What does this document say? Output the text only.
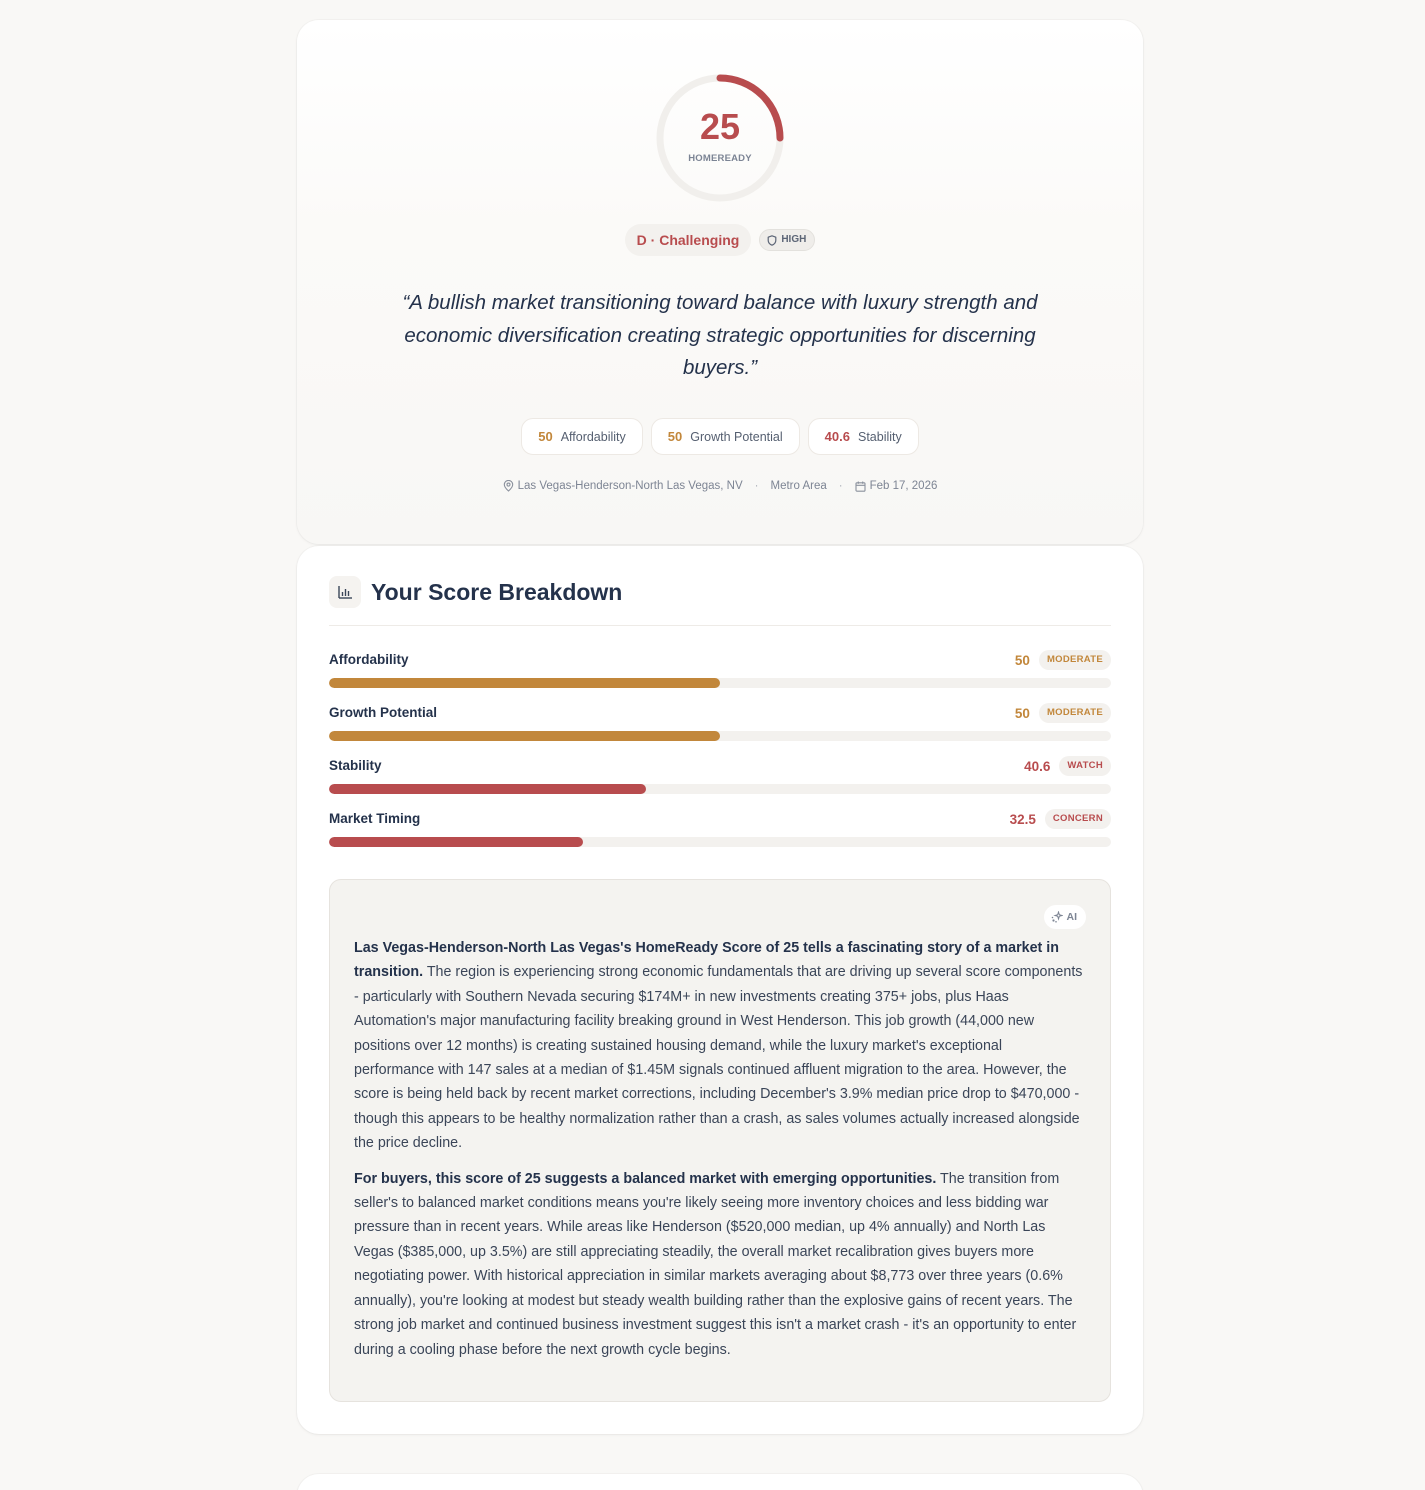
25
HOMEREADY
D · Challenging	HIGH

“A bullish market transitioning toward balance with luxury strength and economic diversification creating strategic opportunities for discerning buyers.”

50 Affordability	50 Growth Potential	40.6 Stability
Las Vegas-Henderson-North Las Vegas, NV · Metro Area · Feb 17, 2026
Your Score Breakdown
Affordability	50	MODERATE
Growth Potential	50	MODERATE
Stability	40.6	WATCH
Market Timing	32.5	CONCERN
AI

Las Vegas-Henderson-North Las Vegas's HomeReady Score of 25 tells a fascinating story of a market in transition. The region is experiencing strong economic fundamentals that are driving up several score components - particularly with Southern Nevada securing $174M+ in new investments creating 375+ jobs, plus Haas Automation's major manufacturing facility breaking ground in West Henderson. This job growth (44,000 new positions over 12 months) is creating sustained housing demand, while the luxury market's exceptional performance with 147 sales at a median of $1.45M signals continued affluent migration to the area. However, the score is being held back by recent market corrections, including December's 3.9% median price drop to $470,000 - though this appears to be healthy normalization rather than a crash, as sales volumes actually increased alongside the price decline.

For buyers, this score of 25 suggests a balanced market with emerging opportunities. The transition from seller's to balanced market conditions means you're likely seeing more inventory choices and less bidding war pressure than in recent years. While areas like Henderson ($520,000 median, up 4% annually) and North Las Vegas ($385,000, up 3.5%) are still appreciating steadily, the overall market recalibration gives buyers more negotiating power. With historical appreciation in similar markets averaging about $8,773 over three years (0.6% annually), you're looking at modest but steady wealth building rather than the explosive gains of recent years. The strong job market and continued business investment suggest this isn't a market crash - it's an opportunity to enter during a cooling phase before the next growth cycle begins.
